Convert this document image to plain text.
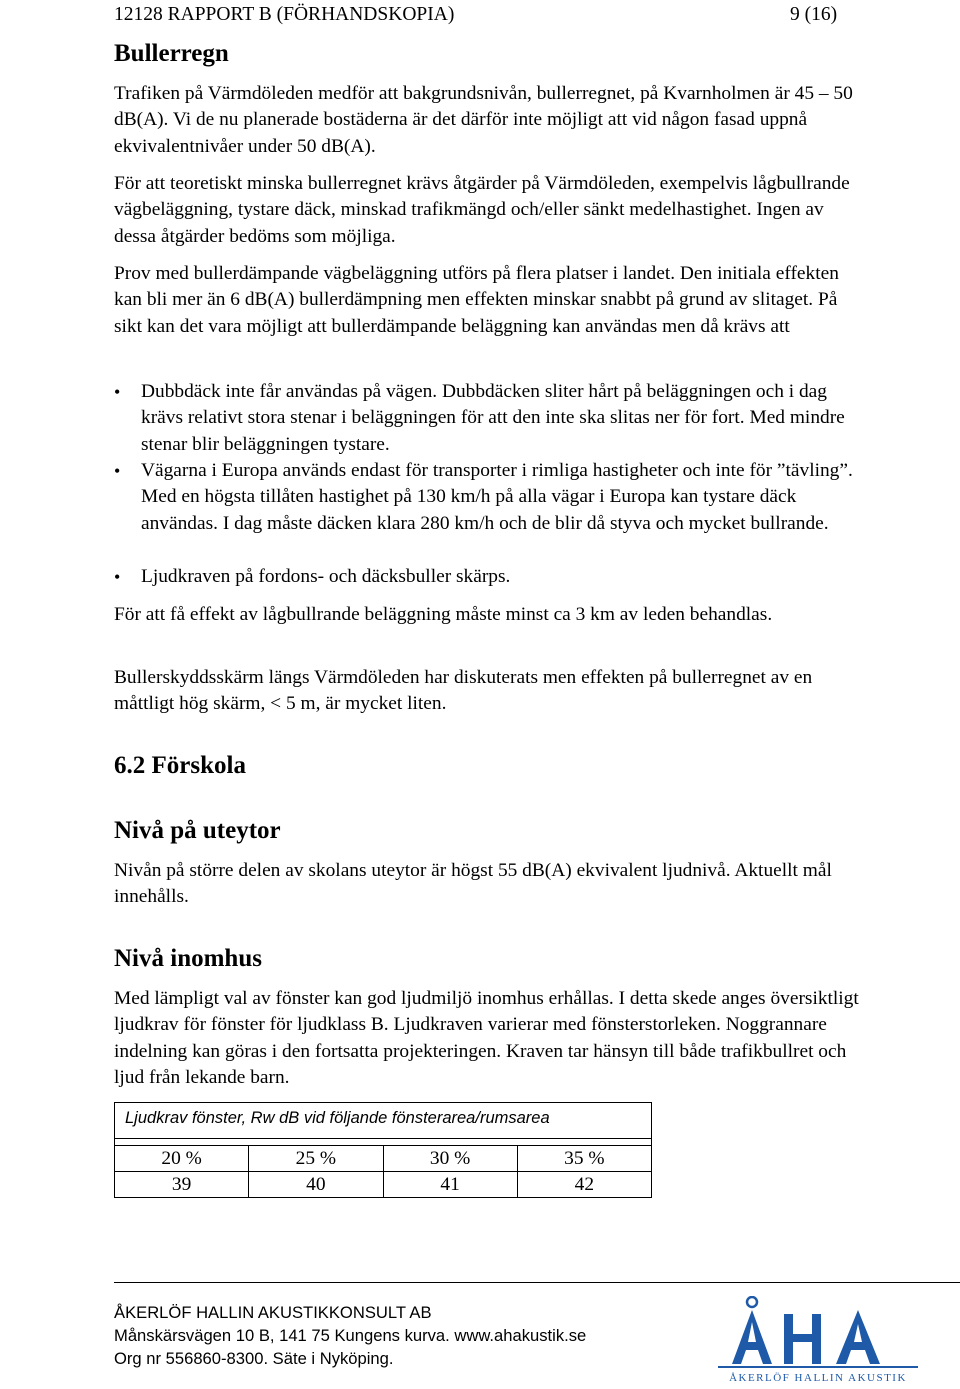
12128 RAPPORT B (FÖRHANDSKOPIA)	9 (16)
Bullerregn

Trafiken på Värmdöleden medför att bakgrundsnivån, bullerregnet, på Kvarnholmen är 45 – 50 dB(A). Vi de nu planerade bostäderna är det därför inte möjligt att vid någon fasad uppnå ekvivalentnivåer under 50 dB(A).

För att teoretiskt minska bullerregnet krävs åtgärder på Värmdöleden, exempelvis lågbullrande vägbeläggning, tystare däck, minskad trafikmängd och/eller sänkt medelhastighet. Ingen av dessa åtgärder bedöms som möjliga.

Prov med bullerdämpande vägbeläggning utförs på flera platser i landet. Den initiala effekten kan bli mer än 6 dB(A) bullerdämpning men effekten minskar snabbt på grund av slitaget. På sikt kan det vara möjligt att bullerdämpande beläggning kan användas men då krävs att

• Dubbdäck inte får användas på vägen. Dubbdäcken sliter hårt på beläggningen och i dag krävs relativt stora stenar i beläggningen för att den inte ska slitas ner för fort. Med mindre stenar blir beläggningen tystare.

• Vägarna i Europa används endast för transporter i rimliga hastigheter och inte för ”tävling”. Med en högsta tillåten hastighet på 130 km/h på alla vägar i Europa kan tystare däck användas. I dag måste däcken klara 280 km/h och de blir då styva och mycket bullrande.

• Ljudkraven på fordons- och däcksbuller skärps.

För att få effekt av lågbullrande beläggning måste minst ca 3 km av leden behandlas.

Bullerskyddsskärm längs Värmdöleden har diskuterats men effekten på bullerregnet av en måttligt hög skärm, < 5 m, är mycket liten.

6.2 Förskola
Nivå på uteytor

Nivån på större delen av skolans uteytor är högst 55 dB(A) ekvivalent ljudnivå. Aktuellt mål innehålls.

Nivå inomhus

Med lämpligt val av fönster kan god ljudmiljö inomhus erhållas. I detta skede anges översiktligt ljudkrav för fönster för ljudklass B. Ljudkraven varierar med fönsterstorleken. Noggrannare indelning kan göras i den fortsatta projekteringen. Kraven tar hänsyn till både trafikbullret och ljud från lekande barn.

Ljudkrav fönster, Rw dB vid följande fönsterarea/rumsarea			

20 %	25 %	30 %	35 %
39	40	41	42
ÅKERLÖF HALLIN AKUSTIKKONSULT AB
Månskärsvägen 10 B, 141 75 Kungens kurva. www.ahakustik.se
Org nr 556860-8300. Säte i Nyköping.
ÅKERLÖF HALLIN AKUSTIK
